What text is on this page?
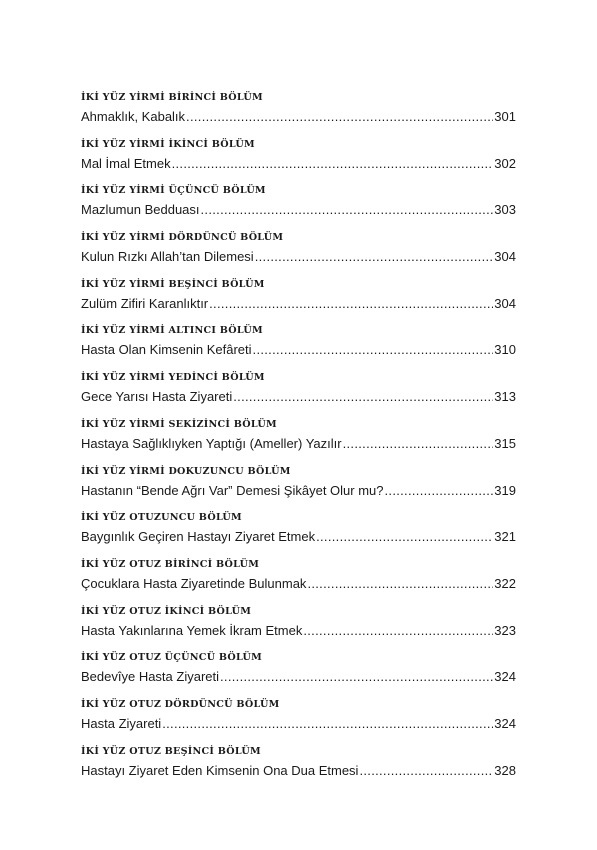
İKİ YÜZ YİRMİ BİRİNCİ BÖLÜM
Ahmaklık, Kabalık .....	301
İKİ YÜZ YİRMİ İKİNCİ BÖLÜM
Mal İmal Etmek .....	302
İKİ YÜZ YİRMİ ÜÇÜNCÜ BÖLÜM
Mazlumun Bedduası .....	303
İKİ YÜZ YİRMİ DÖRDÜNCÜ BÖLÜM
Kulun Rızkı Allah’tan Dilemesi .....	304
İKİ YÜZ YİRMİ BEŞİNCİ BÖLÜM
Zulüm Zifiri Karanlıktır .....	304
İKİ YÜZ YİRMİ ALTINCI BÖLÜM
Hasta Olan Kimsenin Kefâreti .....	310
İKİ YÜZ YİRMİ YEDİNCİ BÖLÜM
Gece Yarısı Hasta Ziyareti .....	313
İKİ YÜZ YİRMİ SEKİZİNCİ BÖLÜM
Hastaya Sağlıklıyken Yaptığı (Ameller) Yazılır .....	315
İKİ YÜZ YİRMİ DOKUZUNCU BÖLÜM
Hastanın “Bende Ağrı Var” Demesi Şikâyet Olur mu? .....	319
İKİ YÜZ OTUZUNCU BÖLÜM
Baygınlık Geçiren Hastayı Ziyaret Etmek .....	321
İKİ YÜZ OTUZ BİRİNCİ BÖLÜM
Çocuklara Hasta Ziyaretinde Bulunmak .....	322
İKİ YÜZ OTUZ İKİNCİ BÖLÜM
Hasta Yakınlarına Yemek İkram Etmek .....	323
İKİ YÜZ OTUZ ÜÇÜNCÜ BÖLÜM
Bedevîye Hasta Ziyareti .....	324
İKİ YÜZ OTUZ DÖRDÜNCÜ BÖLÜM
Hasta Ziyareti .....	324
İKİ YÜZ OTUZ BEŞİNCİ BÖLÜM
Hastayı Ziyaret Eden Kimsenin Ona Dua Etmesi .....	328
